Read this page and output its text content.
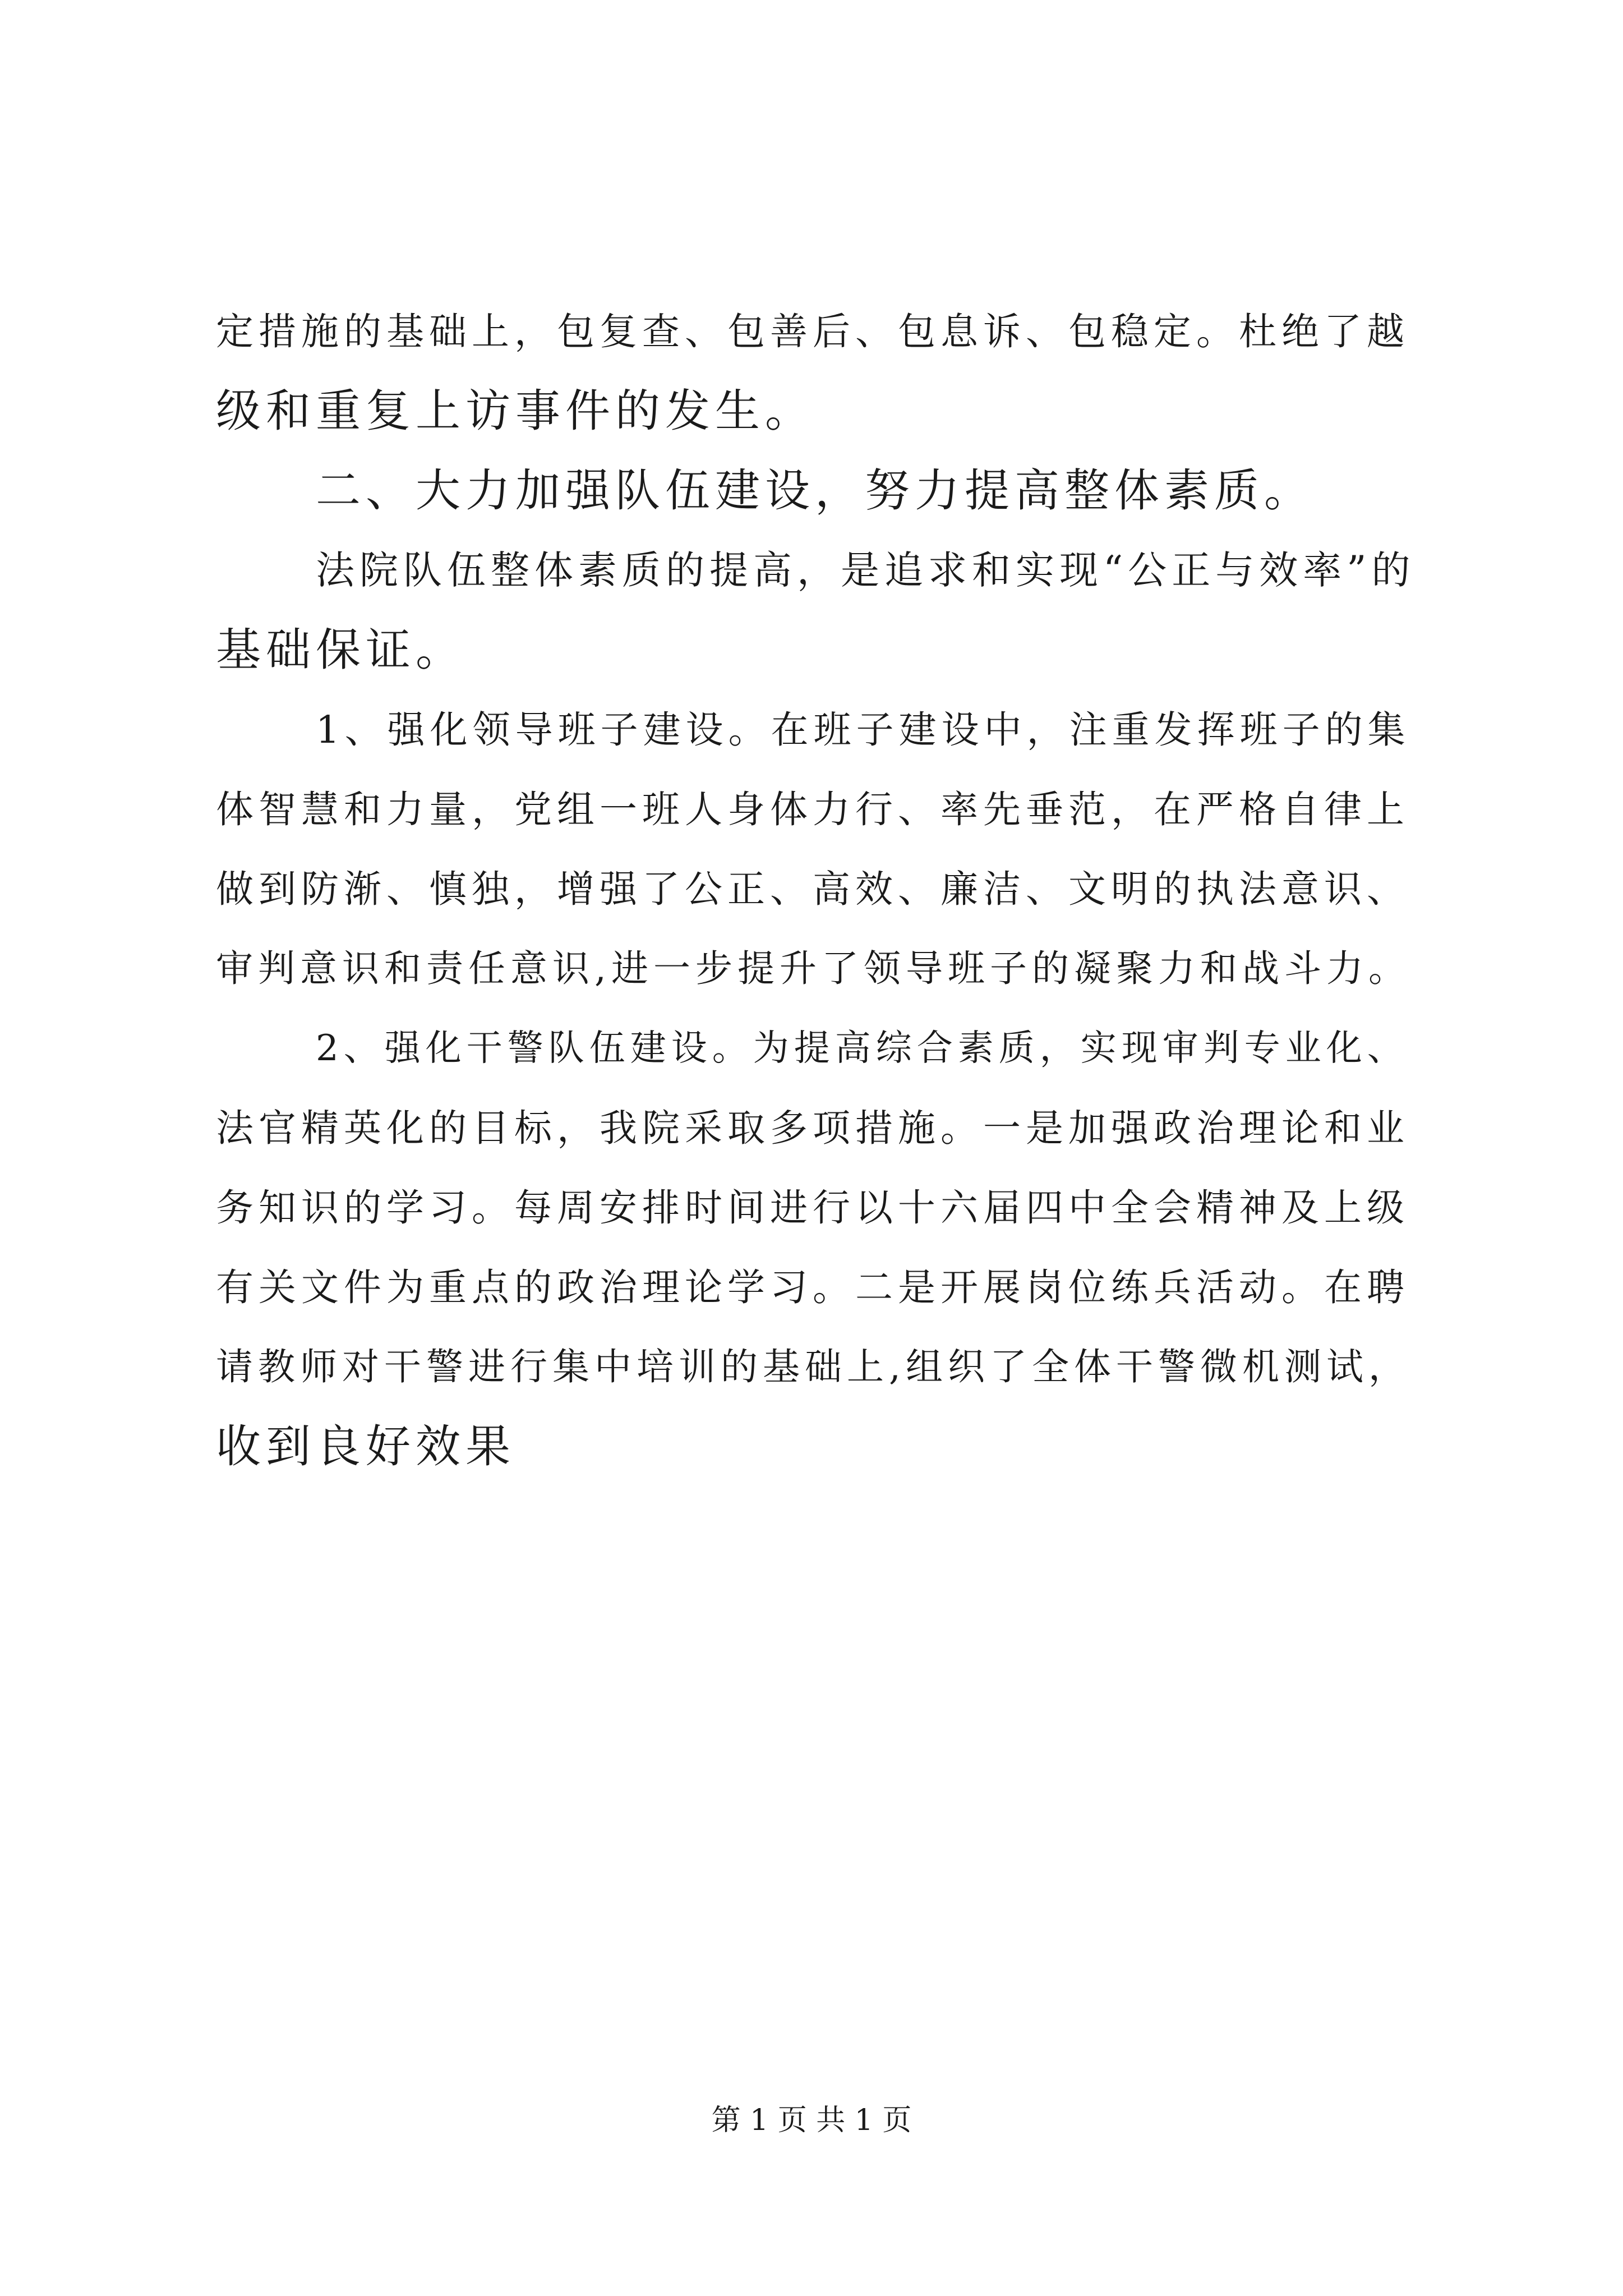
定措施的基础上，包复查、包善后、包息诉、包稳定。杜绝了越
级和重复上访事件的发生。
二、大力加强队伍建设，努力提高整体素质。
法院队伍整体素质的提高，是追求和实现“公正与效率”的
基础保证。
1、强化领导班子建设。在班子建设中，注重发挥班子的集
体智慧和力量，党组一班人身体力行、率先垂范，在严格自律上
做到防渐、慎独，增强了公正、高效、廉洁、文明的执法意识、
审判意识和责任意识,进一步提升了领导班子的凝聚力和战斗力。
2、强化干警队伍建设。为提高综合素质，实现审判专业化、
法官精英化的目标，我院采取多项措施。一是加强政治理论和业
务知识的学习。每周安排时间进行以十六届四中全会精神及上级
有关文件为重点的政治理论学习。二是开展岗位练兵活动。在聘
请教师对干警进行集中培训的基础上,组织了全体干警微机测试，
收到良好效果
第 1 页 共 1 页
